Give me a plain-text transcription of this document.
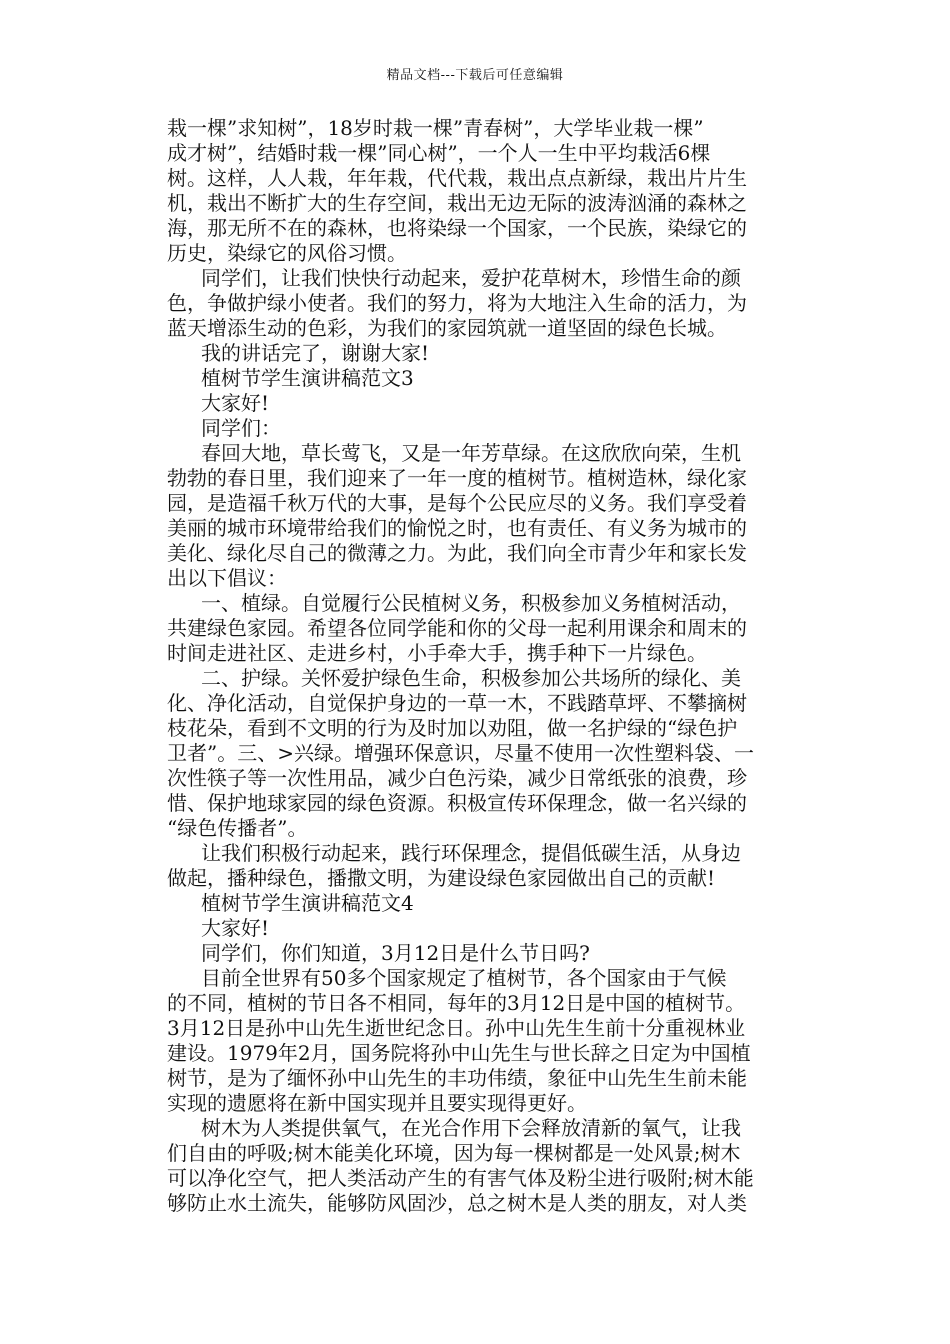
精品文档---下载后可任意编辑
栽一棵”求知树”，18岁时栽一棵”青春树”，大学毕业栽一棵”
成才树”，结婚时栽一棵”同心树”，一个人一生中平均栽活6棵
树。这样，人人栽，年年栽，代代栽，栽出点点新绿，栽出片片生
机，栽出不断扩大的生存空间，栽出无边无际的波涛汹涌的森林之
海，那无所不在的森林，也将染绿一个国家，一个民族，染绿它的
历史，染绿它的风俗习惯。
同学们，让我们快快行动起来，爱护花草树木，珍惜生命的颜
色，争做护绿小使者。我们的努力，将为大地注入生命的活力，为
蓝天增添生动的色彩，为我们的家园筑就一道坚固的绿色长城。
我的讲话完了，谢谢大家!
植树节学生演讲稿范文3
大家好!
同学们：
春回大地，草长莺飞，又是一年芳草绿。在这欣欣向荣，生机
勃勃的春日里，我们迎来了一年一度的植树节。植树造林，绿化家
园，是造福千秋万代的大事，是每个公民应尽的义务。我们享受着
美丽的城市环境带给我们的愉悦之时，也有责任、有义务为城市的
美化、绿化尽自己的微薄之力。为此，我们向全市青少年和家长发
出以下倡议：
一、植绿。自觉履行公民植树义务，积极参加义务植树活动，
共建绿色家园。希望各位同学能和你的父母一起利用课余和周末的
时间走进社区、走进乡村，小手牵大手，携手种下一片绿色。
二、护绿。关怀爱护绿色生命，积极参加公共场所的绿化、美
化、净化活动，自觉保护身边的一草一木，不践踏草坪、不攀摘树
枝花朵，看到不文明的行为及时加以劝阻，做一名护绿的“绿色护
卫者”。三、>兴绿。增强环保意识，尽量不使用一次性塑料袋、一
次性筷子等一次性用品，减少白色污染，减少日常纸张的浪费，珍
惜、保护地球家园的绿色资源。积极宣传环保理念，做一名兴绿的
“绿色传播者”。
让我们积极行动起来，践行环保理念，提倡低碳生活，从身边
做起，播种绿色，播撒文明，为建设绿色家园做出自己的贡献!
植树节学生演讲稿范文4
大家好!
同学们，你们知道，3月12日是什么节日吗?
目前全世界有50多个国家规定了植树节，各个国家由于气候
的不同，植树的节日各不相同，每年的3月12日是中国的植树节。
3月12日是孙中山先生逝世纪念日。孙中山先生生前十分重视林业
建设。1979年2月，国务院将孙中山先生与世长辞之日定为中国植
树节，是为了缅怀孙中山先生的丰功伟绩，象征中山先生生前未能
实现的遗愿将在新中国实现并且要实现得更好。
树木为人类提供氧气，在光合作用下会释放清新的氧气，让我
们自由的呼吸;树木能美化环境，因为每一棵树都是一处风景;树木
可以净化空气，把人类活动产生的有害气体及粉尘进行吸附;树木能
够防止水土流失，能够防风固沙，总之树木是人类的朋友，对人类
